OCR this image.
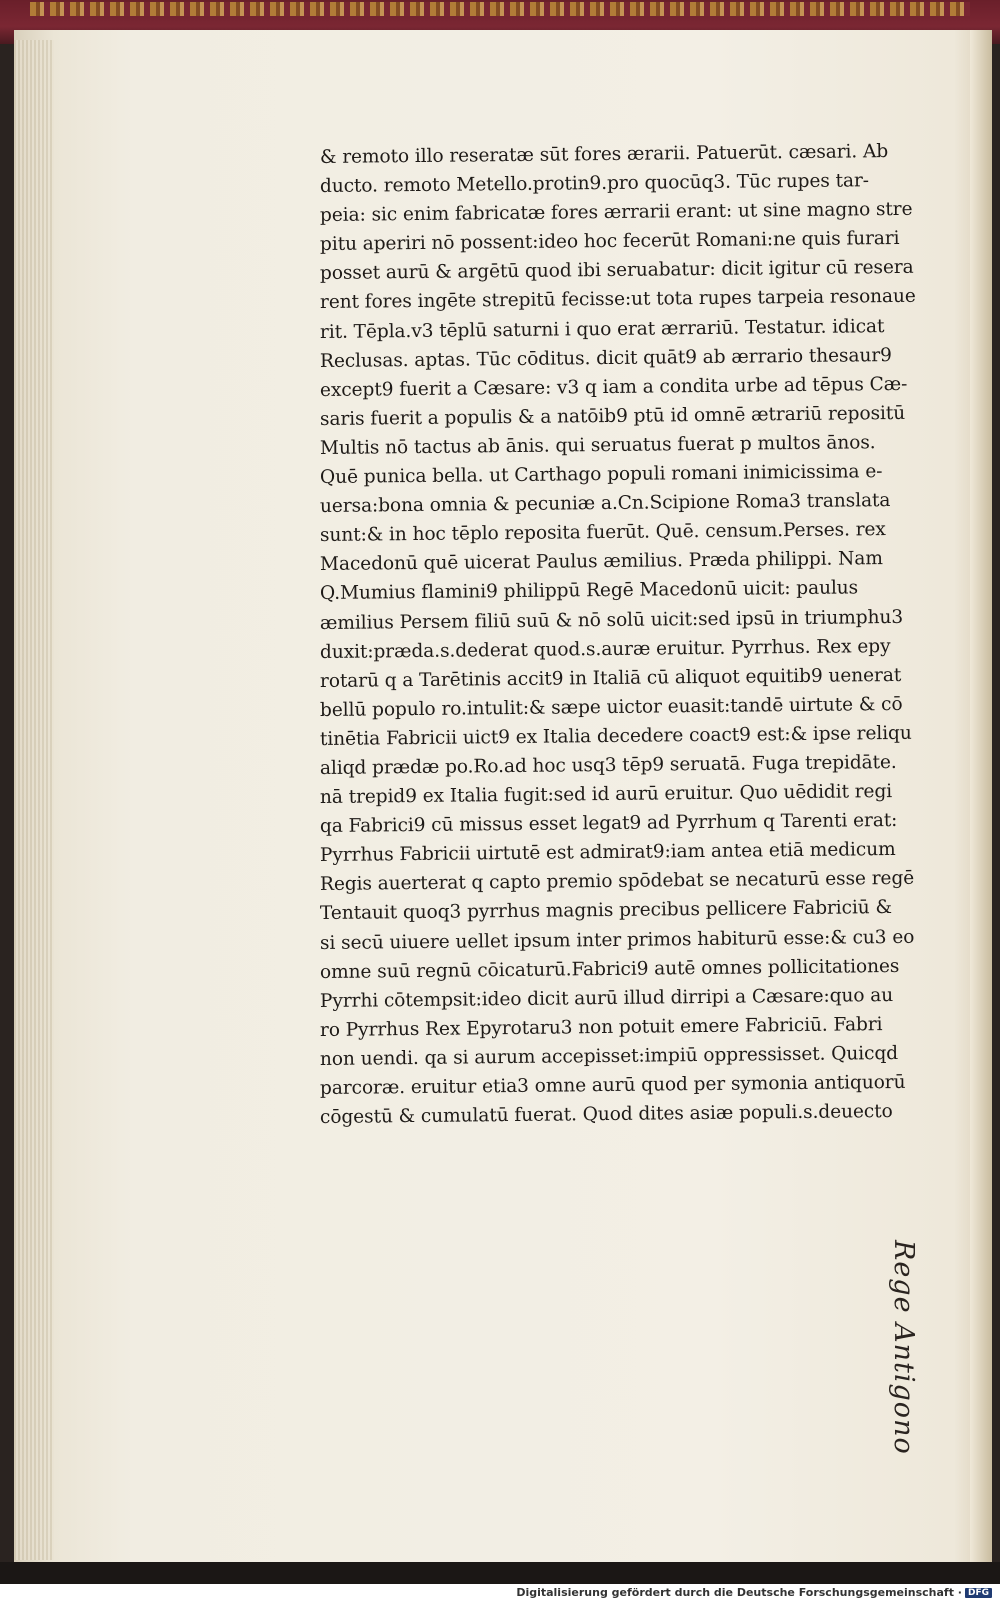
& remoto illo reseratæ sūt fores ærarii. Patuerūt. cæsari. Ab
ducto. remoto Metello.protin9.pro quocūq3. Tūc rupes tar-
peia: sic enim fabricatæ fores ærrarii erant: ut sine magno stre
pitu aperiri nō possent:ideo hoc fecerūt Romani:ne quis furari
posset aurū & argētū quod ibi seruabatur: dicit igitur cū resera
rent fores ingēte strepitū fecisse:ut tota rupes tarpeia resonaue
rit. Tēpla.v3 tēplū saturni i quo erat ærrariū. Testatur. idicat
Reclusas. aptas. Tūc cōditus. dicit quāt9 ab ærrario thesaur9
except9 fuerit a Cæsare: v3 q iam a condita urbe ad tēpus Cæ-
saris fuerit a populis & a natōib9 ptū id omnē ætrariū repositū
Multis nō tactus ab ānis. qui seruatus fuerat p multos ānos.
Quē punica bella. ut Carthago populi romani inimicissima e-
uersa:bona omnia & pecuniæ a.Cn.Scipione Roma3 translata
sunt:& in hoc tēplo reposita fuerūt. Quē. censum.Perses. rex
Macedonū quē uicerat Paulus æmilius. Præda philippi. Nam
Q.Mumius flamini9 philippū Regē Macedonū uicit: paulus
æmilius Persem filiū suū & nō solū uicit:sed ipsū in triumphu3
duxit:præda.s.dederat quod.s.auræ eruitur. Pyrrhus. Rex epy
rotarū q a Tarētinis accit9 in Italiā cū aliquot equitib9 uenerat
bellū populo ro.intulit:& sæpe uictor euasit:tandē uirtute & cō
tinētia Fabricii uict9 ex Italia decedere coact9 est:& ipse reliqu
aliqd prædæ po.Ro.ad hoc usq3 tēp9 seruatā. Fuga trepidāte.
nā trepid9 ex Italia fugit:sed id aurū eruitur. Quo uēdidit regi
qa Fabrici9 cū missus esset legat9 ad Pyrrhum q Tarenti erat:
Pyrrhus Fabricii uirtutē est admirat9:iam antea etiā medicum
Regis auerterat q capto premio spōdebat se necaturū esse regē
Tentauit quoq3 pyrrhus magnis precibus pellicere Fabriciū &
si secū uiuere uellet ipsum inter primos habiturū esse:& cu3 eo
omne suū regnū cōicaturū.Fabrici9 autē omnes pollicitationes
Pyrrhi cōtempsit:ideo dicit aurū illud dirripi a Cæsare:quo au
ro Pyrrhus Rex Epyrotaru3 non potuit emere Fabriciū. Fabri
non uendi. qa si aurum accepisset:impiū oppressisset. Quicqd
parcoræ. eruitur etia3 omne aurū quod per symonia antiquorū
cōgestū & cumulatū fuerat. Quod dites asiæ populi.s.deuecto
Rege Antigono
Digitalisierung gefördert durch die Deutsche Forschungsgemeinschaft · DFG
